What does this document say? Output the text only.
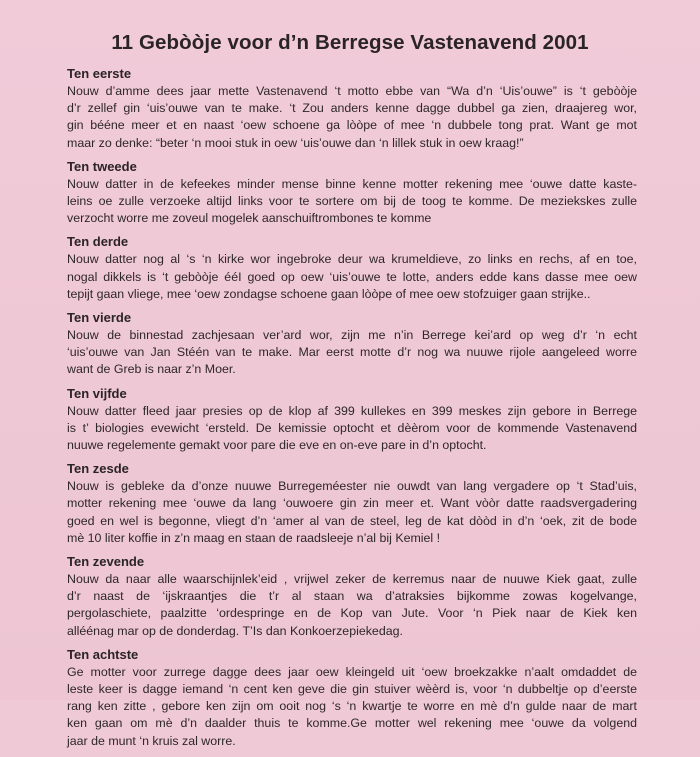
11 Gebòòje voor d’n Berregse Vastenavend 2001
Ten eerste
Nouw d’amme dees jaar mette Vastenavend ‘t motto ebbe van “Wa d’n ‘Uis’ouwe” is ‘t gebòòje
d’r zellef gin ‘uis’ouwe van te make. ‘t Zou anders kenne dagge dubbel ga zien, draajereg wor,
gin bééne meer et en naast ‘oew schoene ga lòòpe of mee ‘n dubbele tong prat. Want ge mot
maar zo denke: “beter ‘n mooi stuk in oew ‘uis’ouwe dan ‘n lillek stuk in oew kraag!”
Ten tweede
Nouw datter in de kefeekes minder mense binne kenne motter rekening mee ‘ouwe datte kaste-
leins oe zulle verzoeke altijd links voor te sortere om bij de toog te komme. De meziekskes zulle
verzocht worre me zoveul mogelek aanschuiftrombones te komme
Ten derde
Nouw datter nog al ‘s ‘n kirke wor ingebroke deur wa krumeldieve, zo links en rechs, af en toe,
nogal dikkels is ‘t gebòòje ééI goed op oew ‘uis’ouwe te lotte, anders edde kans dasse mee oew
tepijt gaan vliege, mee ‘oew zondagse schoene gaan lòòpe of mee oew stofzuiger gaan strijke..
Ten vierde
Nouw de binnestad zachjesaan ver’ard wor, zijn me n’in Berrege kei’ard op weg d’r ‘n echt
‘uis’ouwe van Jan Stéén van te make. Mar eerst motte d’r nog wa nuuwe rijole aangeleed worre
want de Greb is naar z’n Moer.
Ten vijfde
Nouw datter fleed jaar presies op de klop af 399 kullekes en 399 meskes zijn gebore in Berrege
is t’ biologies evewicht ‘ersteld. De kemissie optocht et dèèrom voor de kommende Vastenavend
nuuwe regelemente gemakt voor pare die eve en on-eve pare in d’n optocht.
Ten zesde
Nouw is gebleke da d’onze nuuwe Burregeméester nie ouwdt van lang vergadere op ‘t Stad’uis,
motter rekening mee ‘ouwe da lang ‘ouwoere gin zin meer et. Want vòòr datte raadsvergadering
goed en wel is begonne, vliegt d’n ‘amer al van de steel, leg de kat dòòd in d’n ‘oek, zit de bode
mè 10 liter koffie in z’n maag en staan de raadsleeje n’al bij Kemiel !
Ten zevende
Nouw da naar alle waarschijnlek’eid , vrijwel zeker de kerremus naar de nuuwe Kiek gaat, zulle
d’r naast de ‘ijskraantjes die t’r al staan wa d’atraksies bijkomme zowas kogelvange,
pergolaschiete, paalzitte ‘ordespringe en de Kop van Jute. Voor ‘n Piek naar de Kiek ken
alléénag mar op de donderdag. T’Is dan Konkoerzepiekedag.
Ten achtste
Ge motter voor zurrege dagge dees jaar oew kleingeld uit ‘oew broekzakke n’aalt omdaddet de
leste keer is dagge iemand ‘n cent ken geve die gin stuiver wèèrd is, voor ‘n dubbeltje op d’eerste
rang ken zitte , gebore ken zijn om ooit nog ‘s ‘n kwartje te worre en mè d’n gulde naar de mart
ken gaan om mè d’n daalder thuis te komme.Ge motter wel rekening mee ‘ouwe da volgend
jaar de munt ‘n kruis zal worre.
